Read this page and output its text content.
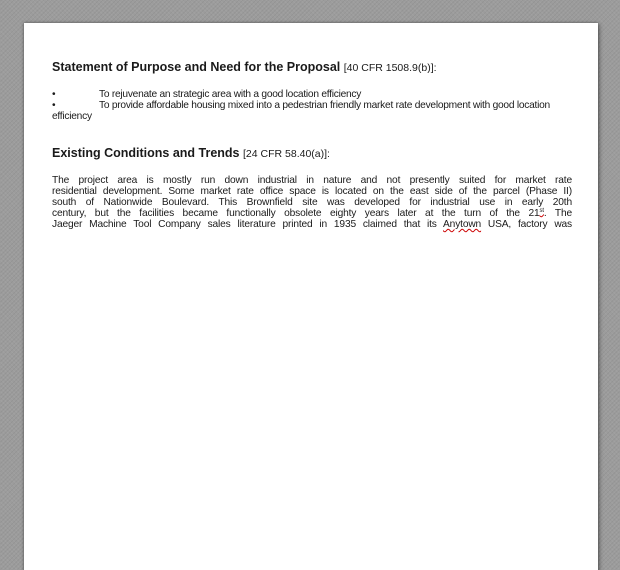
Statement of Purpose and Need for the Proposal [40 CFR 1508.9(b)]:

•	To rejuvenate an strategic area with a good location efficiency
•	To provide affordable housing mixed into a pedestrian friendly market rate development with good location efficiency

Existing Conditions and Trends [24 CFR 58.40(a)]:

The project area is mostly run down industrial in nature and not presently suited for market rate
residential development. Some market rate office space is located on the east side of the parcel (Phase II)
south of Nationwide Boulevard. This Brownfield site was developed for industrial use in early 20th
century, but the facilities became functionally obsolete eighty years later at the turn of the 21st. The
Jaeger Machine Tool Company sales literature printed in 1935 claimed that its Anytown USA, factory was
